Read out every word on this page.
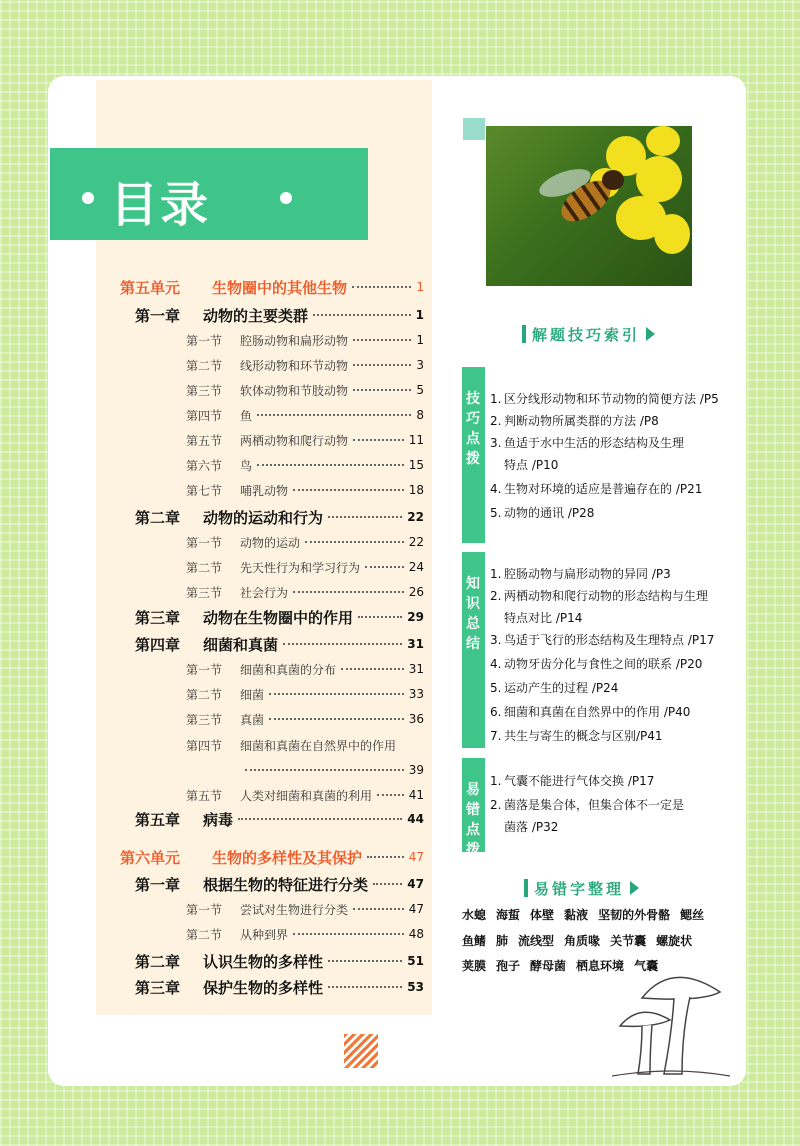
目录
第五单元	生物圈中的其他生物	1
第一章	动物的主要类群	1
第一节	腔肠动物和扁形动物	1
第二节	线形动物和环节动物	3
第三节	软体动物和节肢动物	5
第四节	鱼	8
第五节	两栖动物和爬行动物	11
第六节	鸟	15
第七节	哺乳动物	18
第二章	动物的运动和行为	22
第一节	动物的运动	22
第二节	先天性行为和学习行为	24
第三节	社会行为	26
第三章	动物在生物圈中的作用	29
第四章	细菌和真菌	31
第一节	细菌和真菌的分布	31
第二节	细菌	33
第三节	真菌	36
第四节	细菌和真菌在自然界中的作用
39
第五节	人类对细菌和真菌的利用	41
第五章	病毒	44
第六单元	生物的多样性及其保护	47
第一章	根据生物的特征进行分类	47
第一节	尝试对生物进行分类	47
第二节	从种到界	48
第二章	认识生物的多样性	51
第三章	保护生物的多样性	53
解题技巧索引
技巧点拨
1. 区分线形动物和环节动物的简便方法 /P5
2. 判断动物所属类群的方法 /P8
3. 鱼适于水中生活的形态结构及生理
特点 /P10
4. 生物对环境的适应是普遍存在的 /P21
5. 动物的通讯 /P28
知识总结
1. 腔肠动物与扁形动物的异同 /P3
2. 两栖动物和爬行动物的形态结构与生理
特点对比 /P14
3. 鸟适于飞行的形态结构及生理特点 /P17
4. 动物牙齿分化与食性之间的联系 /P20
5. 运动产生的过程 /P24
6. 细菌和真菌在自然界中的作用 /P40
7. 共生与寄生的概念与区别/P41
易错点拨
1. 气囊不能进行气体交换 /P17
2. 菌落是集合体，但集合体不一定是
菌落 /P32
易错字整理
水螅 海蜇 体壁 黏液 坚韧的外骨骼 鳃丝
鱼鳍 肺 流线型 角质喙 关节囊 螺旋状
荚膜 孢子 酵母菌 栖息环境 气囊
